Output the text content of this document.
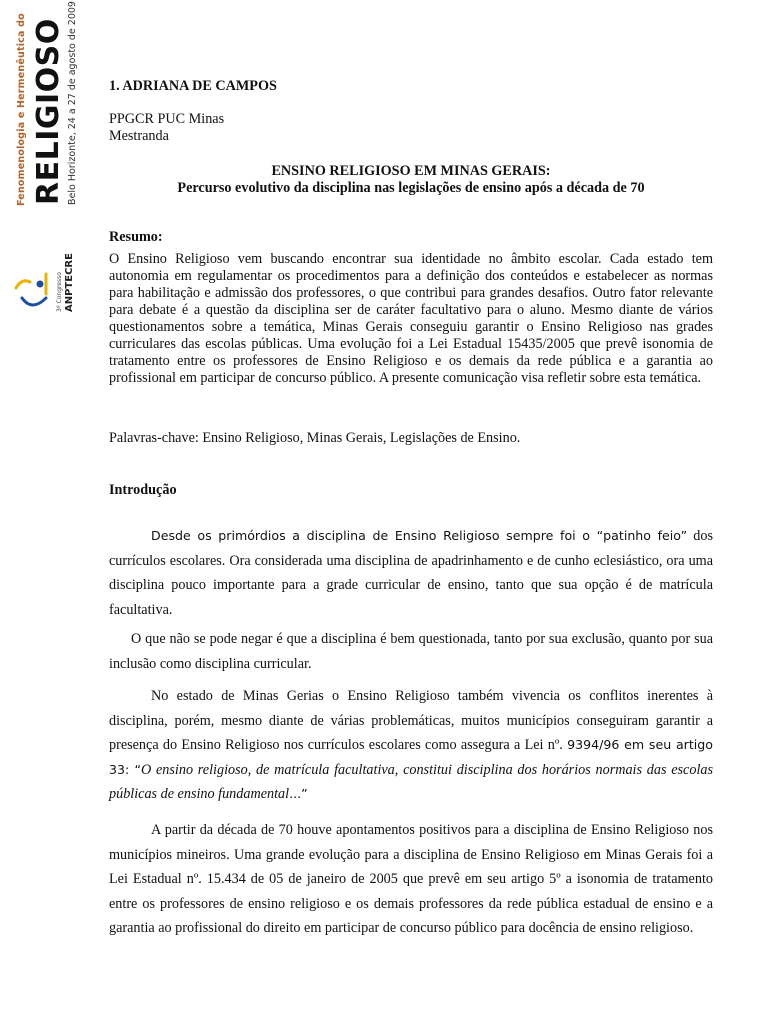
Fenomenologia e Hermenêutica do RELIGIOSO Belo Horizonte, 24 a 27 de agosto de 2009
3º Congresso ANPTECRE

1. ADRIANA DE CAMPOS

PPGCR PUC Minas

Mestranda

ENSINO RELIGIOSO EM MINAS GERAIS:

Percurso evolutivo da disciplina nas legislações de ensino após a década de 70

Resumo:

O Ensino Religioso vem buscando encontrar sua identidade no âmbito escolar. Cada estado tem autonomia em regulamentar os procedimentos para a definição dos conteúdos e estabelecer as normas para habilitação e admissão dos professores, o que contribui para grandes desafios. Outro fator relevante para debate é a questão da disciplina ser de caráter facultativo para o aluno. Mesmo diante de vários questionamentos sobre a temática, Minas Gerais conseguiu garantir o Ensino Religioso nas grades curriculares das escolas públicas. Uma evolução foi a Lei Estadual 15435/2005 que prevê isonomia de tratamento entre os professores de Ensino Religioso e os demais da rede pública e a garantia ao profissional em participar de concurso público. A presente comunicação visa refletir sobre esta temática.

Palavras-chave: Ensino Religioso, Minas Gerais, Legislações de Ensino.

Introdução

Desde os primórdios a disciplina de Ensino Religioso sempre foi o “patinho feio” dos currículos escolares. Ora considerada uma disciplina de apadrinhamento e de cunho eclesiástico, ora uma disciplina pouco importante para a grade curricular de ensino, tanto que sua opção é de matrícula facultativa.

O que não se pode negar é que a disciplina é bem questionada, tanto por sua exclusão, quanto por sua inclusão como disciplina curricular.

No estado de Minas Gerias o Ensino Religioso também vivencia os conflitos inerentes à disciplina, porém, mesmo diante de várias problemáticas, muitos municípios conseguiram garantir a presença do Ensino Religioso nos currículos escolares como assegura a Lei nº. 9394/96 em seu artigo 33: “O ensino religioso, de matrícula facultativa, constitui disciplina dos horários normais das escolas públicas de ensino fundamental...”

A partir da década de 70 houve apontamentos positivos para a disciplina de Ensino Religioso nos municípios mineiros. Uma grande evolução para a disciplina de Ensino Religioso em Minas Gerais foi a Lei Estadual nº. 15.434 de 05 de janeiro de 2005 que prevê em seu artigo 5º a isonomia de tratamento entre os professores de ensino religioso e os demais professores da rede pública estadual de ensino e a garantia ao profissional do direito em participar de concurso público para docência de ensino religioso.
